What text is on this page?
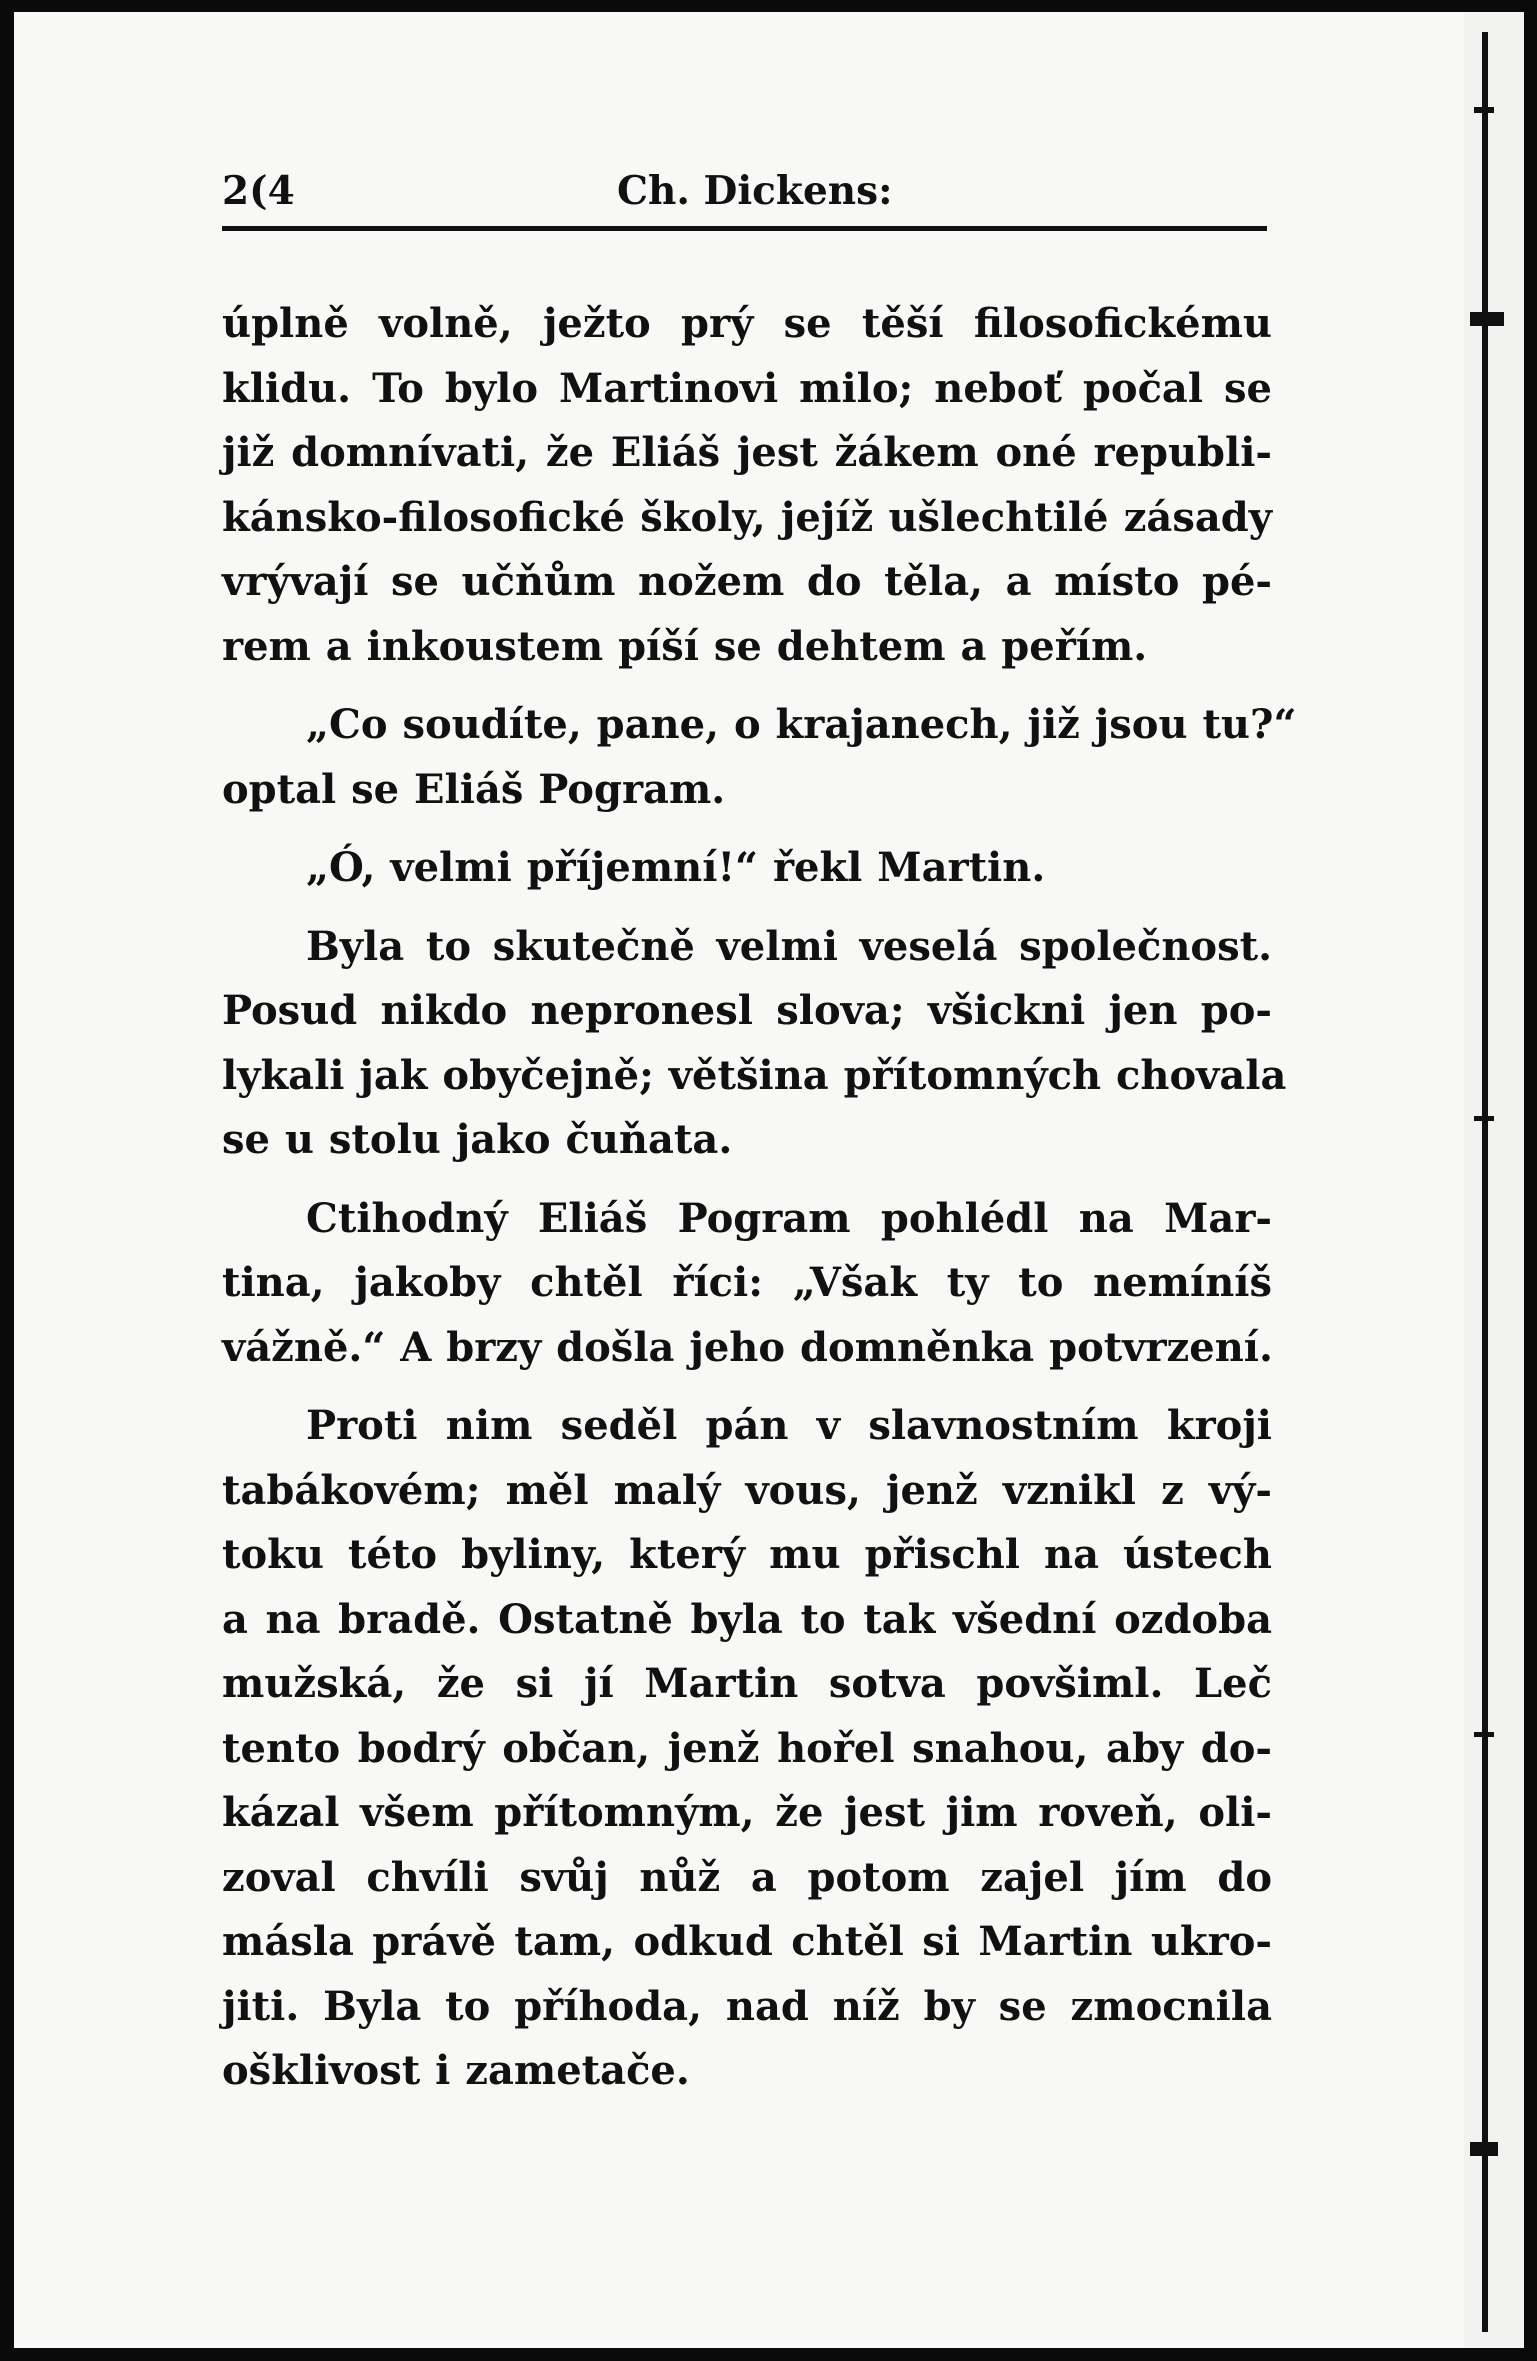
2(4	Ch. Dickens:
úplně volně, ježto prý se těší filosofickému
klidu. To bylo Martinovi milo; neboť počal se
již domnívati, že Eliáš jest žákem oné republi-
kánsko-filosofické školy, jejíž ušlechtilé zásady
vrývají se učňům nožem do těla, a místo pé-
rem a inkoustem píší se dehtem a peřím.
„Co soudíte, pane, o krajanech, již jsou tu?“
optal se Eliáš Pogram.
„Ó, velmi příjemní!“ řekl Martin.
Byla to skutečně velmi veselá společnost.
Posud nikdo nepronesl slova; všickni jen po-
lykali jak obyčejně; většina přítomných chovala
se u stolu jako čuňata.
Ctihodný Eliáš Pogram pohlédl na Mar-
tina, jakoby chtěl říci: „Však ty to nemíníš
vážně.“ A brzy došla jeho domněnka potvrzení.
Proti nim seděl pán v slavnostním kroji
tabákovém; měl malý vous, jenž vznikl z vý-
toku této byliny, který mu přischl na ústech
a na bradě. Ostatně byla to tak všední ozdoba
mužská, že si jí Martin sotva povšiml. Leč
tento bodrý občan, jenž hořel snahou, aby do-
kázal všem přítomným, že jest jim roveň, oli-
zoval chvíli svůj nůž a potom zajel jím do
másla právě tam, odkud chtěl si Martin ukro-
jiti. Byla to příhoda, nad níž by se zmocnila
ošklivost i zametače.
